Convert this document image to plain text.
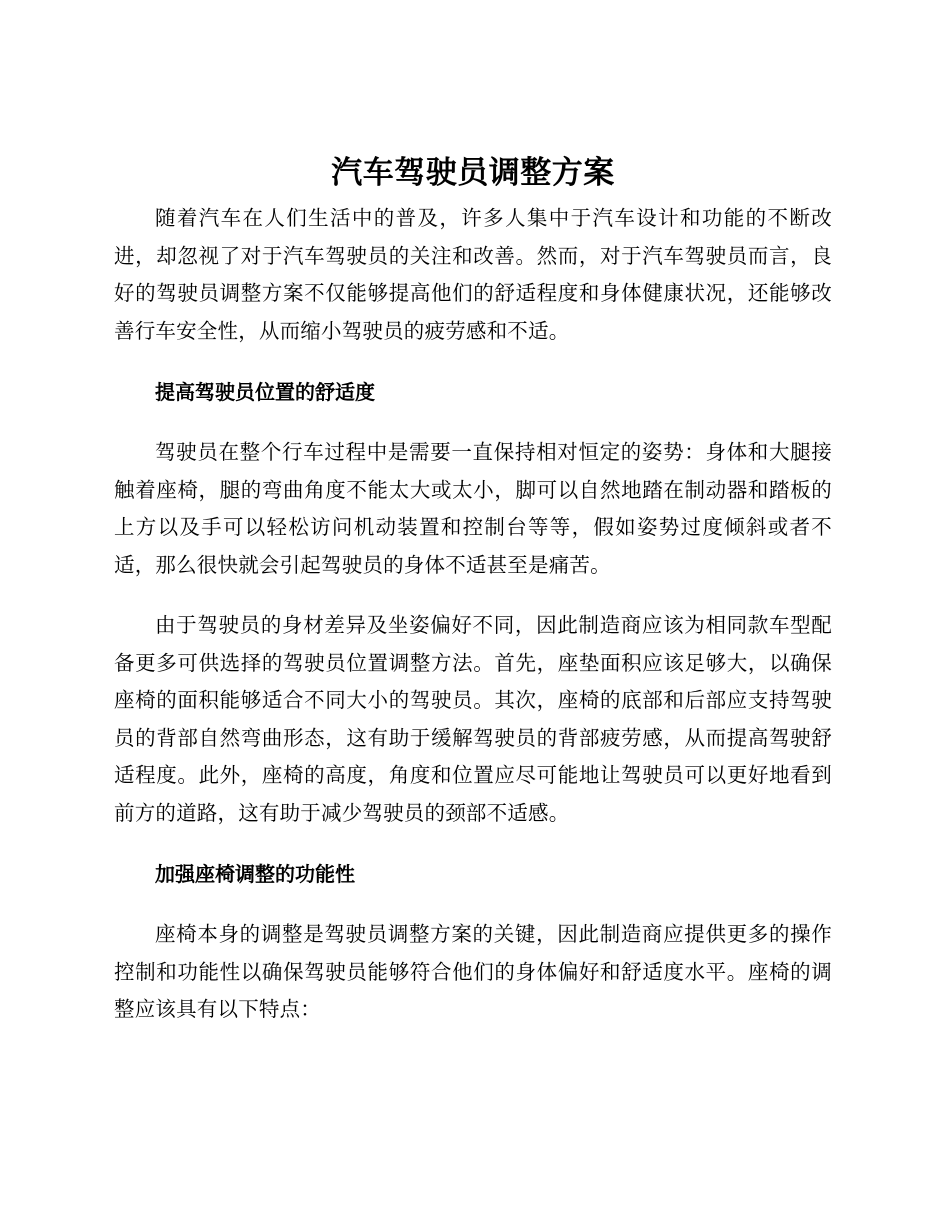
汽车驾驶员调整方案

随着汽车在人们生活中的普及，许多人集中于汽车设计和功能的不断改进，却忽视了对于汽车驾驶员的关注和改善。然而，对于汽车驾驶员而言，良好的驾驶员调整方案不仅能够提高他们的舒适程度和身体健康状况，还能够改善行车安全性，从而缩小驾驶员的疲劳感和不适。

提高驾驶员位置的舒适度

驾驶员在整个行车过程中是需要一直保持相对恒定的姿势：身体和大腿接触着座椅，腿的弯曲角度不能太大或太小，脚可以自然地踏在制动器和踏板的上方以及手可以轻松访问机动装置和控制台等等，假如姿势过度倾斜或者不适，那么很快就会引起驾驶员的身体不适甚至是痛苦。

由于驾驶员的身材差异及坐姿偏好不同，因此制造商应该为相同款车型配备更多可供选择的驾驶员位置调整方法。首先，座垫面积应该足够大，以确保座椅的面积能够适合不同大小的驾驶员。其次，座椅的底部和后部应支持驾驶员的背部自然弯曲形态，这有助于缓解驾驶员的背部疲劳感，从而提高驾驶舒适程度。此外，座椅的高度，角度和位置应尽可能地让驾驶员可以更好地看到前方的道路，这有助于减少驾驶员的颈部不适感。

加强座椅调整的功能性

座椅本身的调整是驾驶员调整方案的关键，因此制造商应提供更多的操作控制和功能性以确保驾驶员能够符合他们的身体偏好和舒适度水平。座椅的调整应该具有以下特点：
